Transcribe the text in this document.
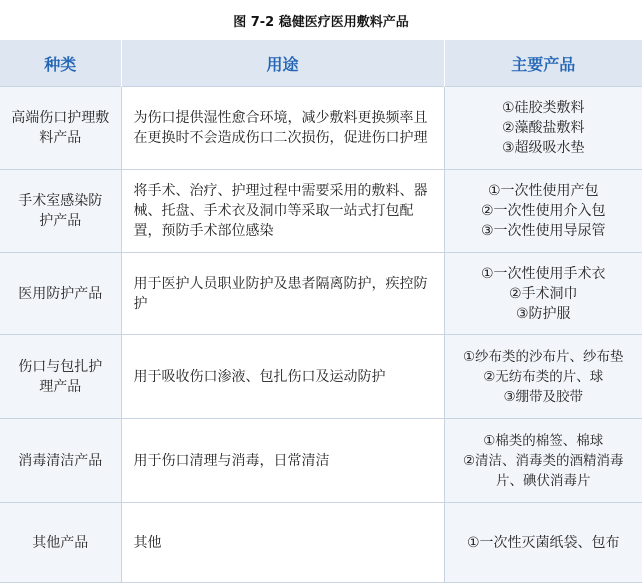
图 7-2 稳健医疗医用敷料产品
种类	用途	主要产品
高端伤口护理敷料产品	为伤口提供湿性愈合环境，减少敷料更换频率且在更换时不会造成伤口二次损伤，促进伤口护理	①硅胶类敷料
②藻酸盐敷料
③超级吸水垫

手术室感染防护产品	将手术、治疗、护理过程中需要采用的敷料、器械、托盘、手术衣及洞巾等采取一站式打包配置，预防手术部位感染	①一次性使用产包
②一次性使用介入包
③一次性使用导尿管

医用防护产品	用于医护人员职业防护及患者隔离防护，疾控防护	①一次性使用手术衣
②手术洞巾
③防护服

伤口与包扎护理产品	用于吸收伤口渗液、包扎伤口及运动防护	①纱布类的沙布片、纱布垫
②无纺布类的片、球
③绷带及胶带

消毒清洁产品	用于伤口清理与消毒，日常清洁	①棉类的棉签、棉球
②清洁、消毒类的酒精消毒
片、碘伏消毒片

其他产品	其他	①一次性灭菌纸袋、包布
